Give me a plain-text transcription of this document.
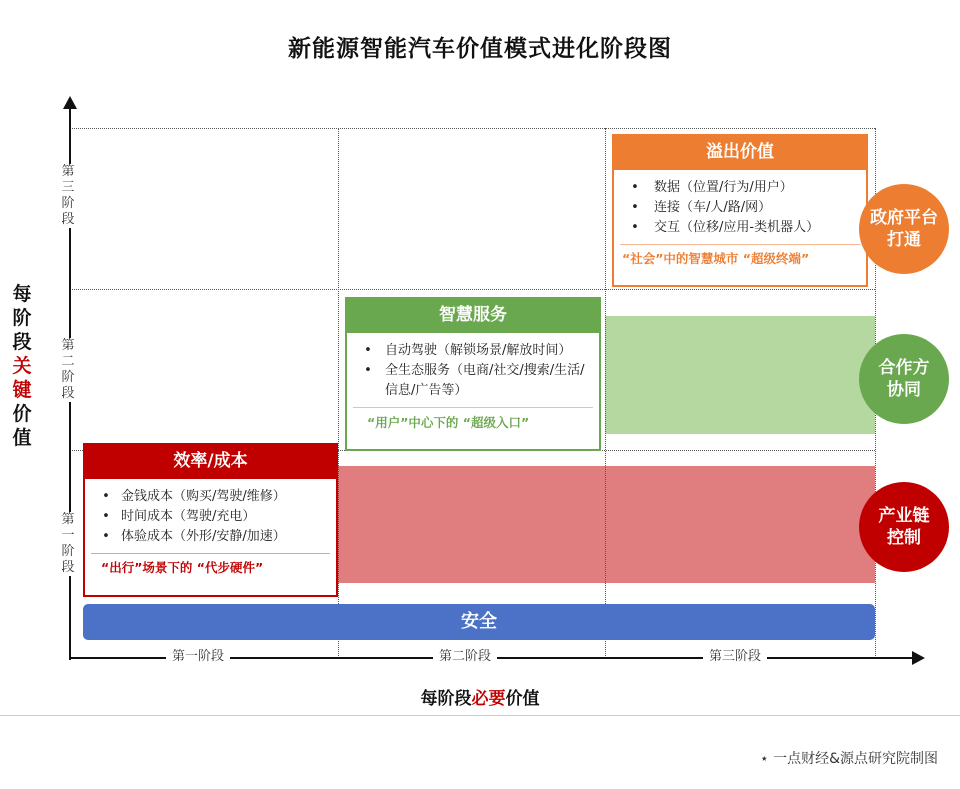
新能源智能汽车价值模式进化阶段图
第三阶段
第二阶段
第一阶段
每阶段关键价值
第一阶段	第二阶段	第三阶段
每阶段必要价值
安全
效率/成本
• 金钱成本（购买/驾驶/维修）
• 时间成本（驾驶/充电）
• 体验成本（外形/安静/加速）
“出行”场景下的 “代步硬件”
智慧服务
•	自动驾驶（解锁场景/解放时间）
•	全生态服务（电商/社交/搜索/生活/信息/广告等）
“用户”中心下的 “超级入口”
溢出价值
•	数据（位置/行为/用户）
•	连接（车/人/路/网）
•	交互（位移/应用-类机器人）
“社会”中的智慧城市 “超级终端”
政府平台
打通
合作方
协同
产业链
控制
⋆ 一点财经&源点研究院制图
